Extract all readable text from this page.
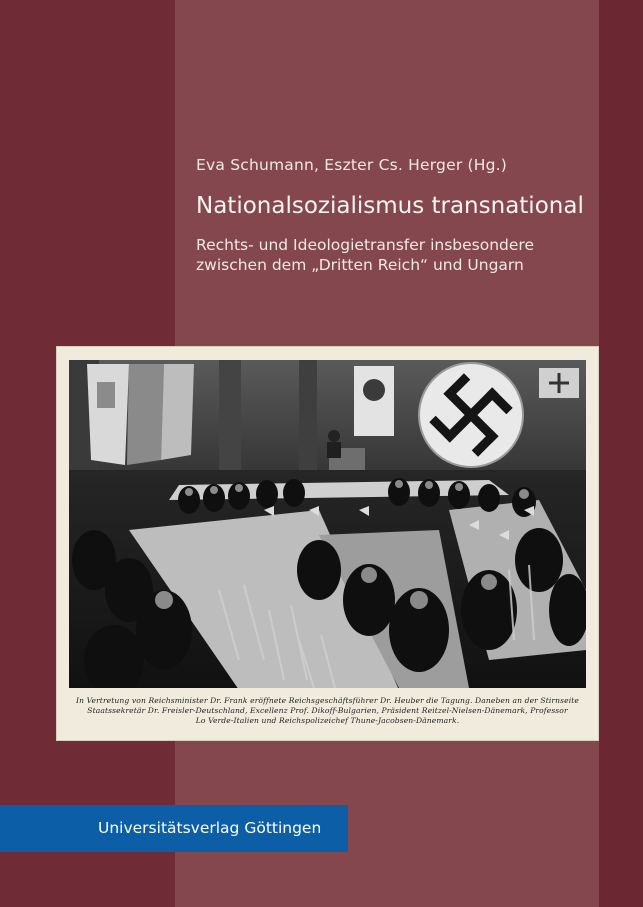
Eva Schumann, Eszter Cs. Herger (Hg.)
Nationalsozialismus transnational
Rechts- und Ideologietransfer insbesondere
zwischen dem „Dritten Reich“ und Ungarn
In Vertretung von Reichsminister Dr. Frank eröffnete Reichsgeschäftsführer Dr. Heuber die Tagung. Daneben an der Stirnseite
Staatssekretär Dr. Freisler-Deutschland, Excellenz Prof. Dikoff-Bulgarien, Präsident Reitzel-Nielsen-Dänemark, Professor
Lo Verde-Italien und Reichspolizeichef Thune-Jacobsen-Dänemark.
Universitätsverlag Göttingen
